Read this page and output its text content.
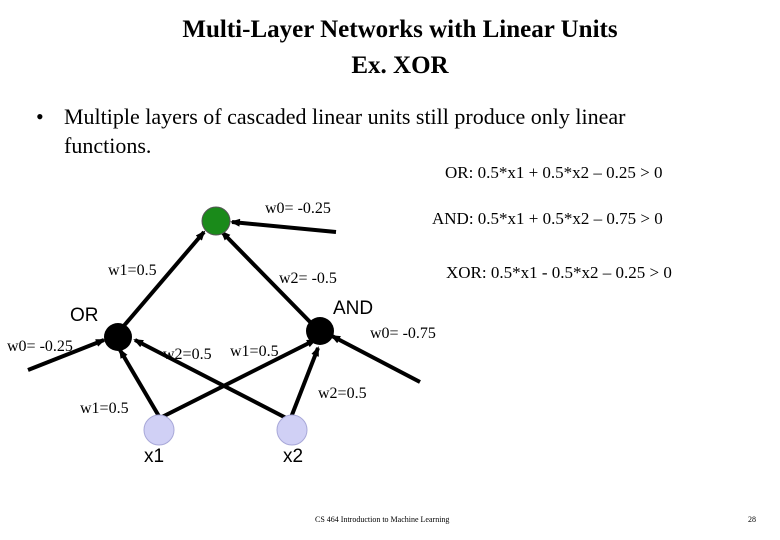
Multi-Layer Networks with Linear Units
Ex. XOR
• Multiple layers of cascaded linear units still produce only linear functions.
OR: 0.5*x1 + 0.5*x2 – 0.25 > 0
AND: 0.5*x1 + 0.5*x2 – 0.75 > 0
XOR: 0.5*x1 - 0.5*x2 – 0.25 > 0
w0= -0.25
w1=0.5	w2= -0.5
OR
w0= -0.25
w1=0.5
w2=0.5
AND
w0= -0.75
w1=0.5
w2=0.5
x1	x2
CS 464 Introduction to Machine Learning	28
